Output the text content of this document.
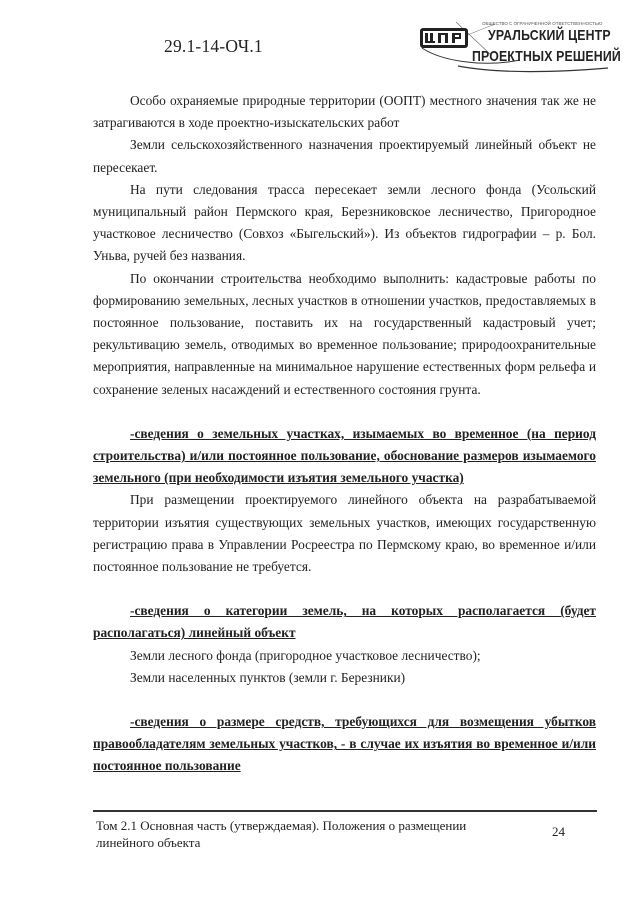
29.1-14-ОЧ.1
ОБЩЕСТВО С ОГРАНИЧЕННОЙ ОТВЕТСТВЕННОСТЬЮ
УРАЛЬСКИЙ ЦЕНТР
ПРОЕКТНЫХ РЕШЕНИЙ

Особо охраняемые природные территории (ООПТ) местного значения так же не затрагиваются в ходе проектно-изыскательских работ

Земли сельскохозяйственного назначения проектируемый линейный объект не пересекает.

На пути следования трасса пересекает земли лесного фонда (Усольский муниципальный район Пермского края, Березниковское лесничество, Пригородное участковое лесничество (Совхоз «Быгельский»). Из объектов гидрографии – р. Бол. Уньва, ручей без названия.

По окончании строительства необходимо выполнить: кадастровые работы по формированию земельных, лесных участков в отношении участков, предоставляемых в постоянное пользование, поставить их на государственный кадастровый учет; рекультивацию земель, отводимых во временное пользование; природоохранительные мероприятия, направленные на минимальное нарушение естественных форм рельефа и сохранение зеленых насаждений и естественного состояния грунта.

-сведения о земельных участках, изымаемых во временное (на период строительства) и/или постоянное пользование, обоснование размеров изымаемого земельного (при необходимости изъятия земельного участка)

При размещении проектируемого линейного объекта на разрабатываемой территории изъятия существующих земельных участков, имеющих государственную регистрацию права в Управлении Росреестра по Пермскому краю, во временное и/или постоянное пользование не требуется.

-сведения о категории земель, на которых располагается (будет располагаться) линейный объект

Земли лесного фонда (пригородное участковое лесничество);

Земли населенных пунктов (земли г. Березники)

-сведения о размере средств, требующихся для возмещения убытков правообладателям земельных участков, - в случае их изъятия во временное и/или постоянное пользование

Том 2.1 Основная часть (утверждаемая). Положения о размещении линейного объекта
24
